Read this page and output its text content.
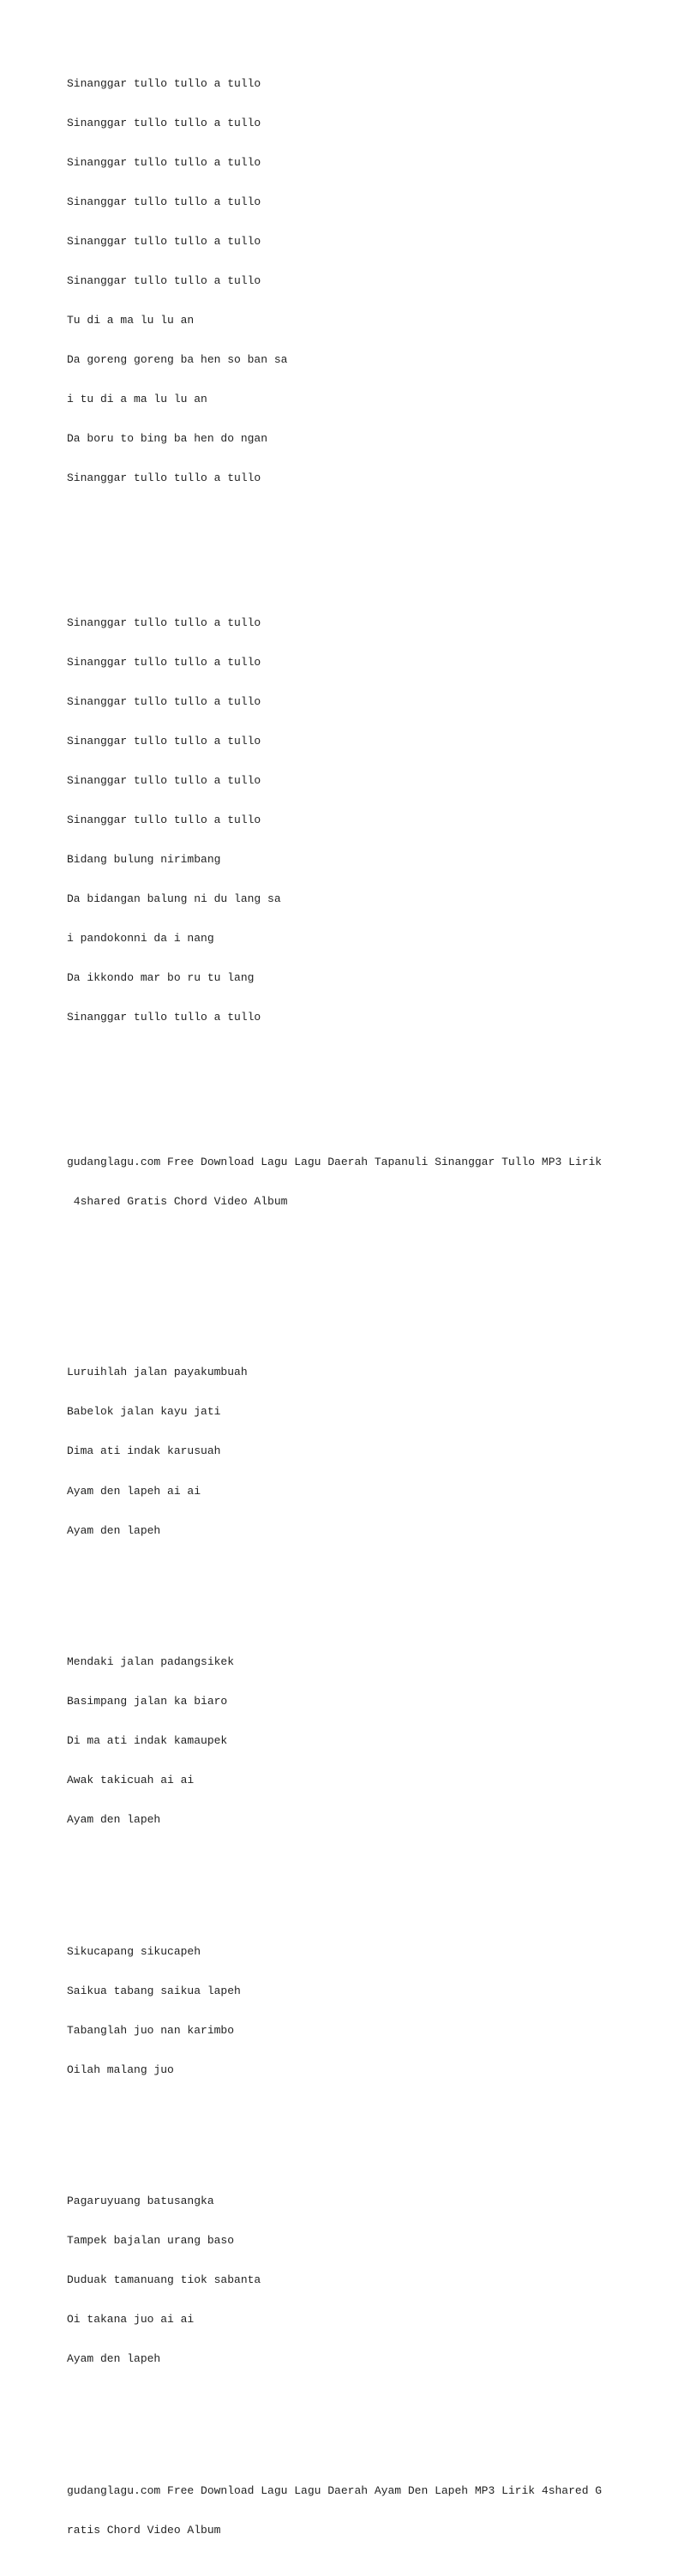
Sinanggar tullo tullo a tullo

Sinanggar tullo tullo a tullo

Sinanggar tullo tullo a tullo

Sinanggar tullo tullo a tullo

Sinanggar tullo tullo a tullo

Sinanggar tullo tullo a tullo

Tu di a ma lu lu an

Da goreng goreng ba hen so ban sa

i tu di a ma lu lu an

Da boru to bing ba hen do ngan

Sinanggar tullo tullo a tullo

Sinanggar tullo tullo a tullo

Sinanggar tullo tullo a tullo

Sinanggar tullo tullo a tullo

Sinanggar tullo tullo a tullo

Sinanggar tullo tullo a tullo

Sinanggar tullo tullo a tullo

Bidang bulung nirimbang

Da bidangan balung ni du lang sa

i pandokonni da i nang

Da ikkondo mar bo ru tu lang

Sinanggar tullo tullo a tullo

gudanglagu.com Free Download Lagu Lagu Daerah Tapanuli Sinanggar Tullo MP3 Lirik

4shared Gratis Chord Video Album

Luruihlah jalan payakumbuah

Babelok jalan kayu jati

Dima ati indak karusuah

Ayam den lapeh ai ai

Ayam den lapeh

Mendaki jalan padangsikek

Basimpang jalan ka biaro

Di ma ati indak kamaupek

Awak takicuah ai ai

Ayam den lapeh

Sikucapang sikucapeh

Saikua tabang saikua lapeh

Tabanglah juo nan karimbo

Oilah malang juo

Pagaruyuang batusangka

Tampek bajalan urang baso

Duduak tamanuang tiok sabanta

Oi takana juo ai ai

Ayam den lapeh

gudanglagu.com Free Download Lagu Lagu Daerah Ayam Den Lapeh MP3 Lirik 4shared G

ratis Chord Video Album
